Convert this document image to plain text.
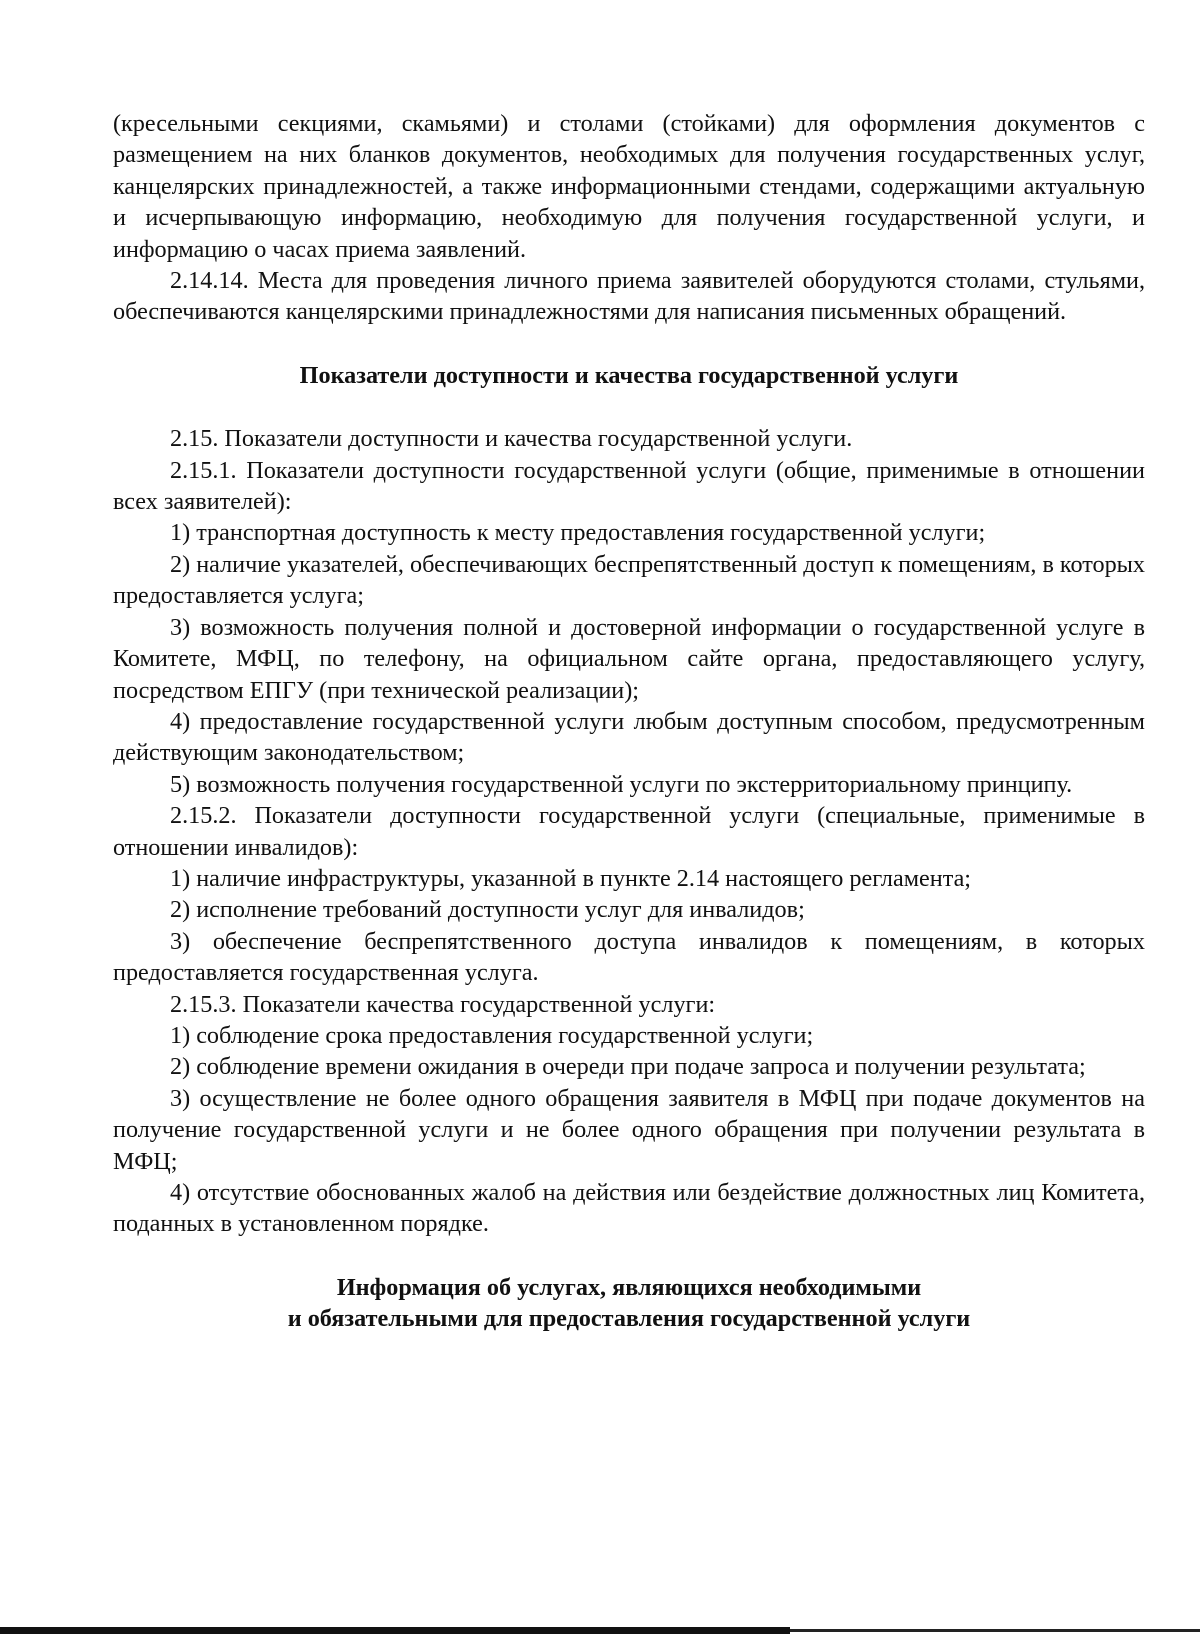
(кресельными секциями, скамьями) и столами (стойками) для оформления документов с размещением на них бланков документов, необходимых для получения государственных услуг, канцелярских принадлежностей, а также информационными стендами, содержащими актуальную и исчерпывающую информацию, необходимую для получения государственной услуги, и информацию о часах приема заявлений.

2.14.14. Места для проведения личного приема заявителей оборудуются столами, стульями, обеспечиваются канцелярскими принадлежностями для написания письменных обращений.

Показатели доступности и качества государственной услуги

2.15. Показатели доступности и качества государственной услуги.

2.15.1. Показатели доступности государственной услуги (общие, применимые в отношении всех заявителей):

1) транспортная доступность к месту предоставления государственной услуги;

2) наличие указателей, обеспечивающих беспрепятственный доступ к помещениям, в которых предоставляется услуга;

3) возможность получения полной и достоверной информации о государственной услуге в Комитете, МФЦ, по телефону, на официальном сайте органа, предоставляющего услугу, посредством ЕПГУ (при технической реализации);

4) предоставление государственной услуги любым доступным способом, предусмотренным действующим законодательством;

5) возможность получения государственной услуги по экстерриториальному принципу.

2.15.2. Показатели доступности государственной услуги (специальные, применимые в отношении инвалидов):

1) наличие инфраструктуры, указанной в пункте 2.14 настоящего регламента;

2) исполнение требований доступности услуг для инвалидов;

3) обеспечение беспрепятственного доступа инвалидов к помещениям, в которых предоставляется государственная услуга.

2.15.3. Показатели качества государственной услуги:

1) соблюдение срока предоставления государственной услуги;

2) соблюдение времени ожидания в очереди при подаче запроса и получении результата;

3) осуществление не более одного обращения заявителя в МФЦ при подаче документов на получение государственной услуги и не более одного обращения при получении результата в МФЦ;

4) отсутствие обоснованных жалоб на действия или бездействие должностных лиц Комитета, поданных в установленном порядке.

Информация об услугах, являющихся необходимыми

и обязательными для предоставления государственной услуги
